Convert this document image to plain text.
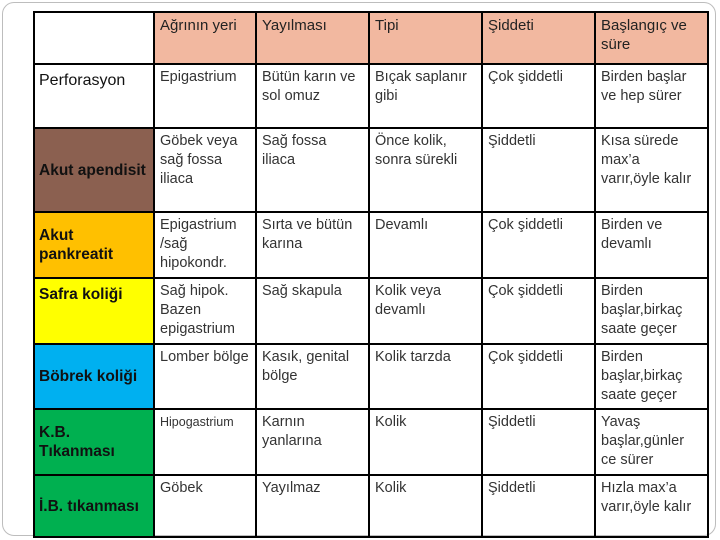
	Ağrının yeri	Yayılması	Tipi	Şiddeti	Başlangıç ve süre
Perforasyon	Epigastrium	Bütün karın ve sol omuz	Bıçak saplanır gibi	Çok şiddetli	Birden başlar ve hep sürer
Akut apendisit	Göbek veya sağ fossa iliaca	Sağ fossa iliaca	Önce kolik, sonra sürekli	Şiddetli	Kısa sürede max’a varır,öyle kalır
Akut pankreatit	Epigastrium /sağ hipokondr.	Sırta ve bütün karına	Devamlı	Çok şiddetli	Birden ve devamlı
Safra koliği	Sağ hipok. Bazen epigastrium	Sağ skapula	Kolik veya devamlı	Çok şiddetli	Birden başlar,birkaç saate geçer
Böbrek koliği	Lomber bölge	Kasık, genital bölge	Kolik tarzda	Çok şiddetli	Birden başlar,birkaç saate geçer
K.B. Tıkanması	Hipogastrium	Karnın yanlarına	Kolik	Şiddetli	Yavaş başlar,günler ce sürer
İ.B. tıkanması	Göbek	Yayılmaz	Kolik	Şiddetli	Hızla max’a varır,öyle kalır
